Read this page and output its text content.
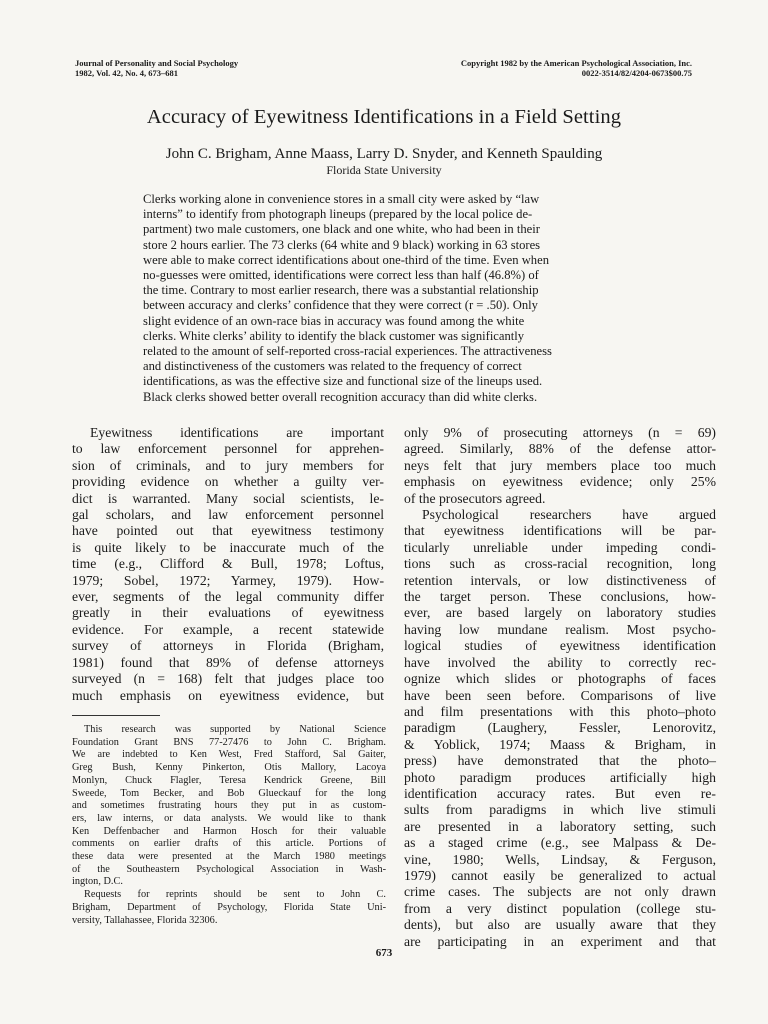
Journal of Personality and Social Psychology
1982, Vol. 42, No. 4, 673–681
Copyright 1982 by the American Psychological Association, Inc.
0022-3514/82/4204-0673$00.75
Accuracy of Eyewitness Identifications in a Field Setting
John C. Brigham, Anne Maass, Larry D. Snyder, and Kenneth Spaulding
Florida State University
Clerks working alone in convenience stores in a small city were asked by “law
interns” to identify from photograph lineups (prepared by the local police de-
partment) two male customers, one black and one white, who had been in their
store 2 hours earlier. The 73 clerks (64 white and 9 black) working in 63 stores
were able to make correct identifications about one-third of the time. Even when
no-guesses were omitted, identifications were correct less than half (46.8%) of
the time. Contrary to most earlier research, there was a substantial relationship
between accuracy and clerks’ confidence that they were correct (r = .50). Only
slight evidence of an own-race bias in accuracy was found among the white
clerks. White clerks’ ability to identify the black customer was significantly
related to the amount of self-reported cross-racial experiences. The attractiveness
and distinctiveness of the customers was related to the frequency of correct
identifications, as was the effective size and functional size of the lineups used.
Black clerks showed better overall recognition accuracy than did white clerks.
Eyewitness identifications are important
to law enforcement personnel for apprehen-
sion of criminals, and to jury members for
providing evidence on whether a guilty ver-
dict is warranted. Many social scientists, le-
gal scholars, and law enforcement personnel
have pointed out that eyewitness testimony
is quite likely to be inaccurate much of the
time (e.g., Clifford & Bull, 1978; Loftus,
1979; Sobel, 1972; Yarmey, 1979). How-
ever, segments of the legal community differ
greatly in their evaluations of eyewitness
evidence. For example, a recent statewide
survey of attorneys in Florida (Brigham,
1981) found that 89% of defense attorneys
surveyed (n = 168) felt that judges place too
much emphasis on eyewitness evidence, but
only 9% of prosecuting attorneys (n = 69)
agreed. Similarly, 88% of the defense attor-
neys felt that jury members place too much
emphasis on eyewitness evidence; only 25%
of the prosecutors agreed.
Psychological researchers have argued
that eyewitness identifications will be par-
ticularly unreliable under impeding condi-
tions such as cross-racial recognition, long
retention intervals, or low distinctiveness of
the target person. These conclusions, how-
ever, are based largely on laboratory studies
having low mundane realism. Most psycho-
logical studies of eyewitness identification
have involved the ability to correctly rec-
ognize which slides or photographs of faces
have been seen before. Comparisons of live
and film presentations with this photo–photo
paradigm (Laughery, Fessler, Lenorovitz,
& Yoblick, 1974; Maass & Brigham, in
press) have demonstrated that the photo–
photo paradigm produces artificially high
identification accuracy rates. But even re-
sults from paradigms in which live stimuli
are presented in a laboratory setting, such
as a staged crime (e.g., see Malpass & De-
vine, 1980; Wells, Lindsay, & Ferguson,
1979) cannot easily be generalized to actual
crime cases. The subjects are not only drawn
from a very distinct population (college stu-
dents), but also are usually aware that they
are participating in an experiment and that
This research was supported by National Science
Foundation Grant BNS 77-27476 to John C. Brigham.
We are indebted to Ken West, Fred Stafford, Sal Gaiter,
Greg Bush, Kenny Pinkerton, Otis Mallory, Lacoya
Monlyn, Chuck Flagler, Teresa Kendrick Greene, Bill
Sweede, Tom Becker, and Bob Glueckauf for the long
and sometimes frustrating hours they put in as custom-
ers, law interns, or data analysts. We would like to thank
Ken Deffenbacher and Harmon Hosch for their valuable
comments on earlier drafts of this article. Portions of
these data were presented at the March 1980 meetings
of the Southeastern Psychological Association in Wash-
ington, D.C.
Requests for reprints should be sent to John C.
Brigham, Department of Psychology, Florida State Uni-
versity, Tallahassee, Florida 32306.
673
